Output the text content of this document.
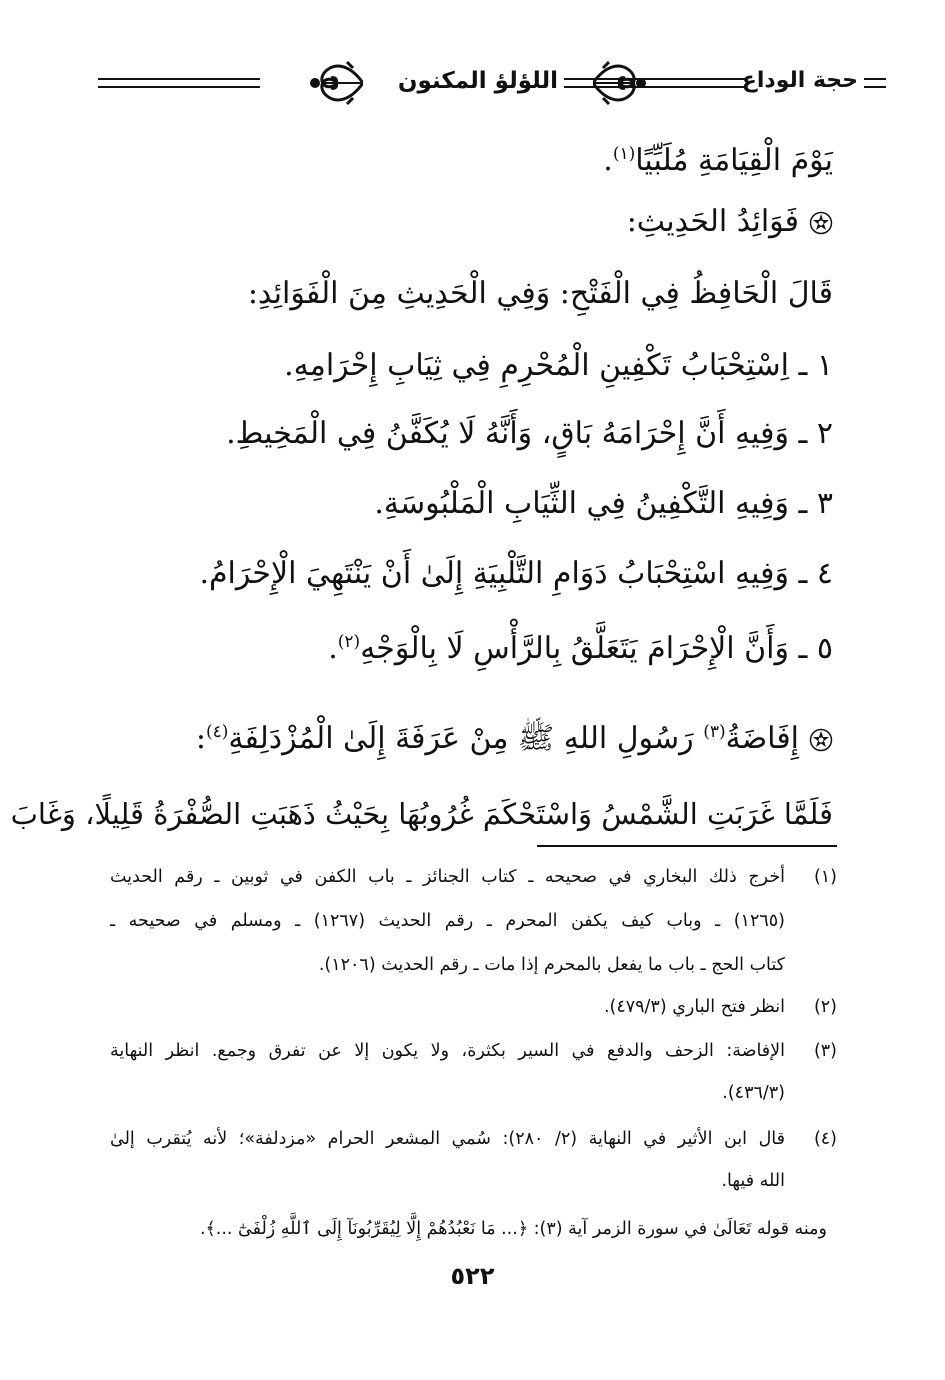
حجة الوداع
اللؤلؤ المكنون
يَوْمَ الْقِيَامَةِ مُلَبِّيًا$^{(١)}$.
فَوَائِدُ الحَدِيثِ:
قَالَ الْحَافِظُ فِي الْفَتْحِ: وَفِي الْحَدِيثِ مِنَ الْفَوَائِدِ:
١ ـ اِسْتِحْبَابُ تَكْفِينِ الْمُحْرِمِ فِي ثِيَابِ إِحْرَامِهِ.
٢ ـ وَفِيهِ أَنَّ إِحْرَامَهُ بَاقٍ، وَأَنَّهُ لَا يُكَفَّنُ فِي الْمَخِيطِ.
٣ ـ وَفِيهِ التَّكْفِينُ فِي الثِّيَابِ الْمَلْبُوسَةِ.
٤ ـ وَفِيهِ اسْتِحْبَابُ دَوَامِ التَّلْبِيَةِ إِلَىٰ أَنْ يَنْتَهِيَ الْإِحْرَامُ.
٥ ـ وَأَنَّ الْإِحْرَامَ يَتَعَلَّقُ بِالرَّأْسِ لَا بِالْوَجْهِ$^{(٢)}$.
إِفَاضَةُ$^{(٣)}$ رَسُولِ اللهِ ﷺ مِنْ عَرَفَةَ إِلَىٰ الْمُزْدَلِفَةِ$^{(٤)}$:
فَلَمَّا غَرَبَتِ الشَّمْسُ وَاسْتَحْكَمَ غُرُوبُهَا بِحَيْثُ ذَهَبَتِ الصُّفْرَةُ قَلِيلًا، وَغَابَ
(١)
أخرج ذلك البخاري في صحيحه ـ كتاب الجنائز ـ باب الكفن في ثوبين ـ رقم الحديث
(١٢٦٥) ـ وباب كيف يكفن المحرم ـ رقم الحديث (١٢٦٧) ـ ومسلم في صحيحه ـ
كتاب الحج ـ باب ما يفعل بالمحرم إذا مات ـ رقم الحديث (١٢٠٦).
(٢)
انظر فتح الباري (٤٧٩/٣).
(٣)
الإفاضة: الزحف والدفع في السير بكثرة، ولا يكون إلا عن تفرق وجمع. انظر النهاية
(٤٣٦/٣).
(٤)
قال ابن الأثير في النهاية (٢/ ٢٨٠): سُمي المشعر الحرام «مزدلفة»؛ لأنه يُتقرب إلىٰ
الله فيها.
ومنه قوله تَعَالَىٰ في سورة الزمر آية (٣): ﴿... مَا نَعْبُدُهُمْ إِلَّا لِيُقَرِّبُونَآ إِلَى ٱللَّهِ زُلْفَىٰٓ ...﴾.
٥٢٢
